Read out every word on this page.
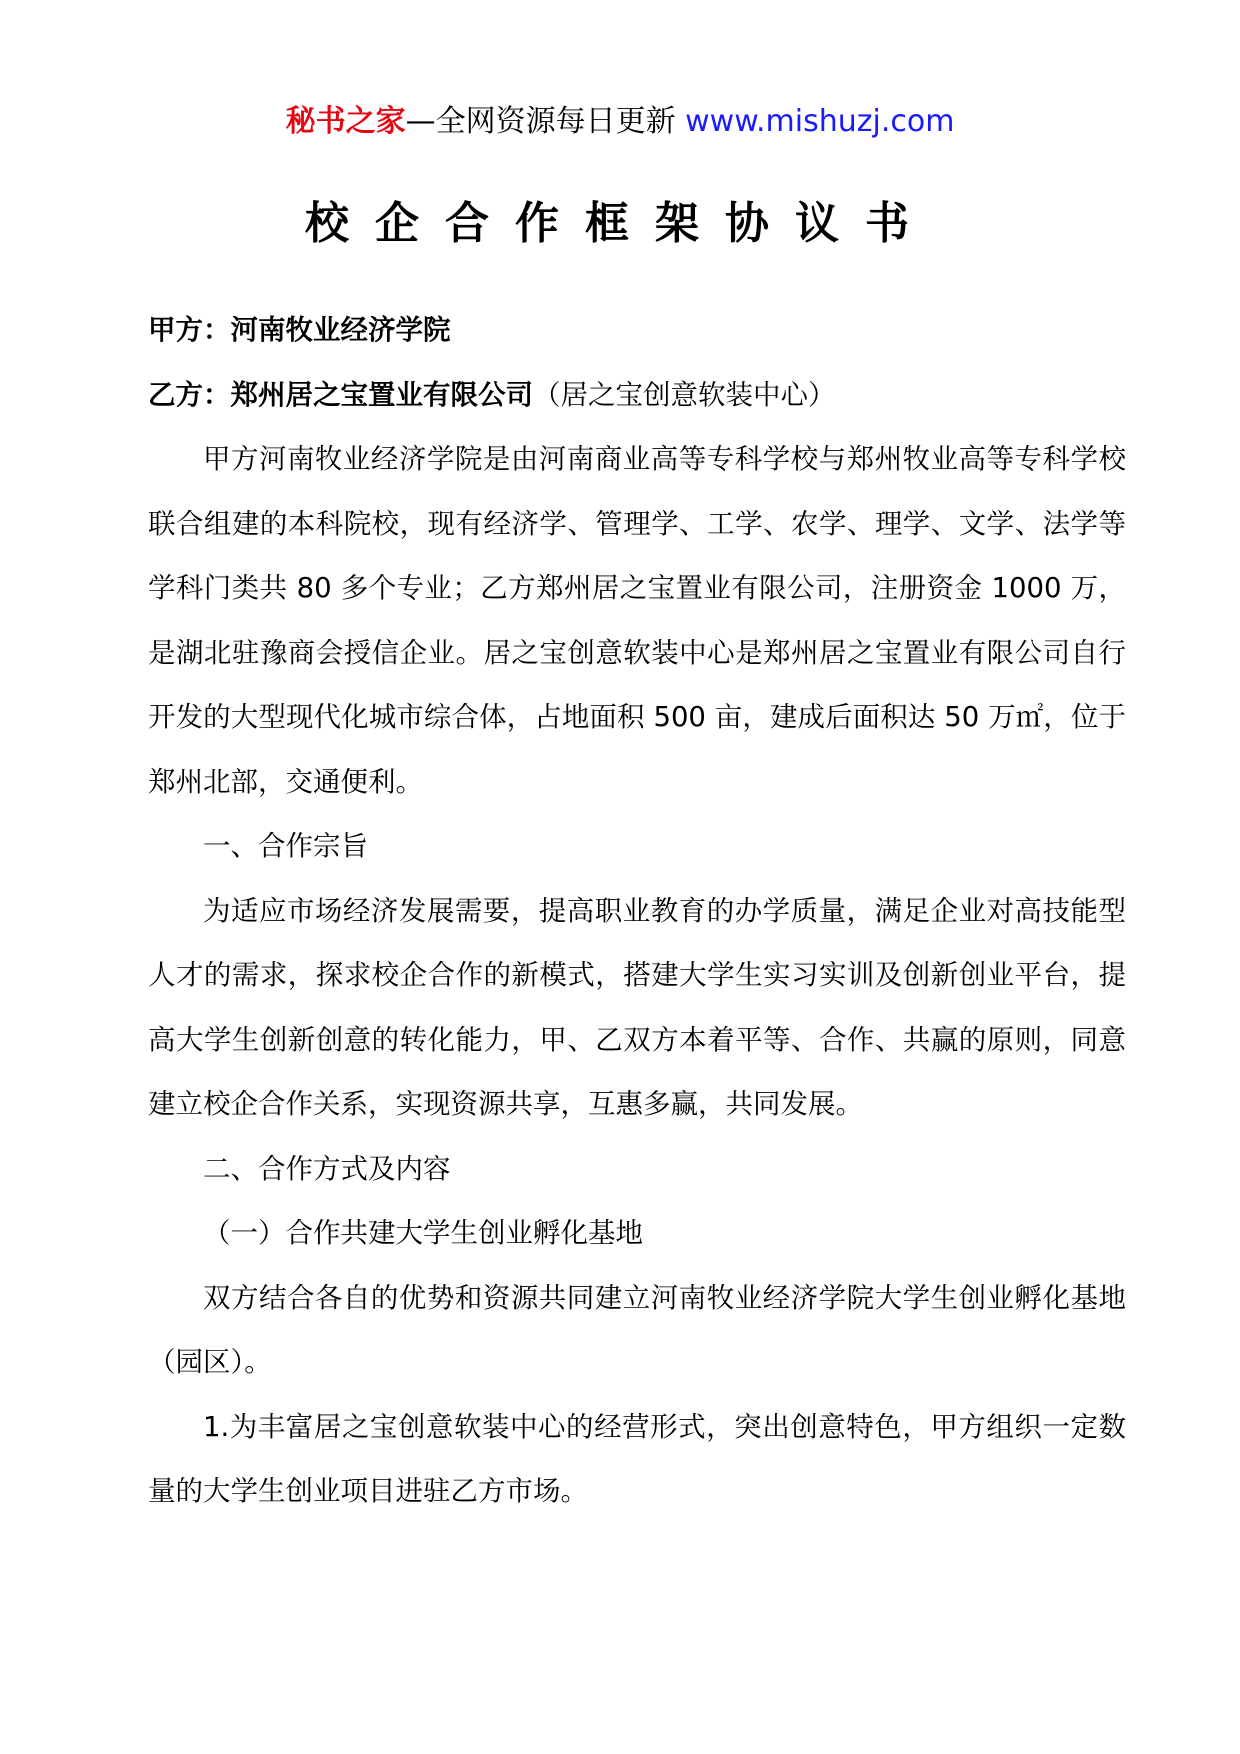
秘书之家—全网资源每日更新 www.mishuzj.com
校企合作框架协议书

甲方：河南牧业经济学院

乙方：郑州居之宝置业有限公司（居之宝创意软装中心）

甲方河南牧业经济学院是由河南商业高等专科学校与郑州牧业高等专科学校联合组建的本科院校，现有经济学、管理学、工学、农学、理学、文学、法学等学科门类共 80 多个专业；乙方郑州居之宝置业有限公司，注册资金 1000 万，是湖北驻豫商会授信企业。居之宝创意软装中心是郑州居之宝置业有限公司自行开发的大型现代化城市综合体，占地面积 500 亩，建成后面积达 50 万㎡，位于郑州北部，交通便利。

一、合作宗旨

为适应市场经济发展需要，提高职业教育的办学质量，满足企业对高技能型人才的需求，探求校企合作的新模式，搭建大学生实习实训及创新创业平台，提高大学生创新创意的转化能力，甲、乙双方本着平等、合作、共赢的原则，同意建立校企合作关系，实现资源共享，互惠多赢，共同发展。

二、合作方式及内容

（一）合作共建大学生创业孵化基地

双方结合各自的优势和资源共同建立河南牧业经济学院大学生创业孵化基地（园区）。

1.为丰富居之宝创意软装中心的经营形式，突出创意特色，甲方组织一定数量的大学生创业项目进驻乙方市场。
